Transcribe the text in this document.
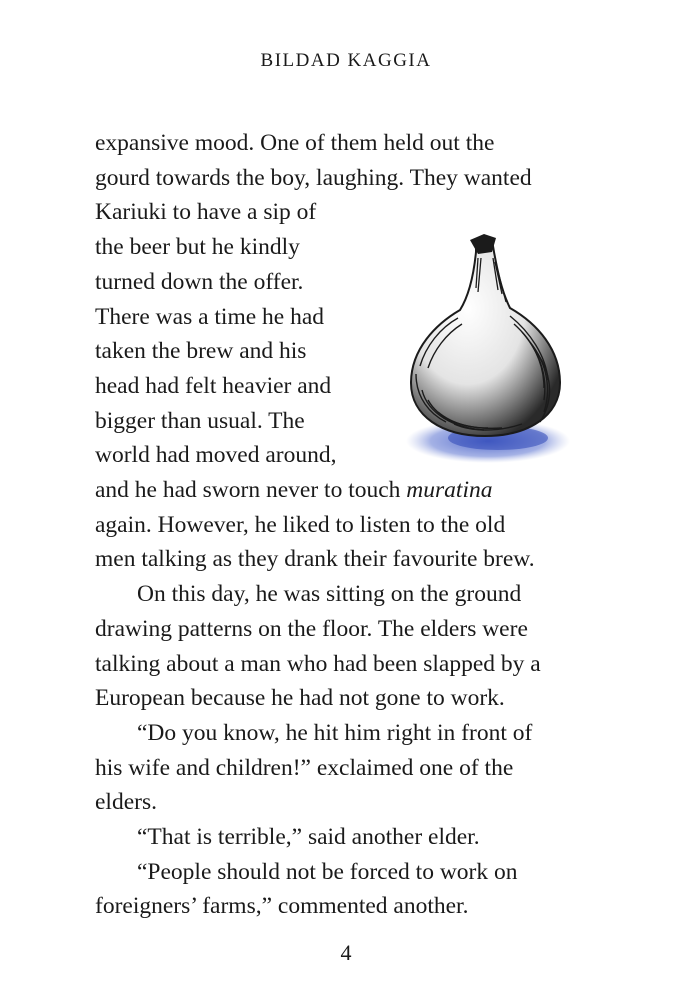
BILDAD KAGGIA
expansive mood. One of them held out the
gourd towards the boy, laughing. They wanted
Kariuki to have a sip of
the beer but he kindly
turned down the offer.
There was a time he had
taken the brew and his
head had felt heavier and
bigger than usual. The
world had moved around,
and he had sworn never to touch muratina
again. However, he liked to listen to the old
men talking as they drank their favourite brew.
On this day, he was sitting on the ground
drawing patterns on the floor. The elders were
talking about a man who had been slapped by a
European because he had not gone to work.
“Do you know, he hit him right in front of
his wife and children!” exclaimed one of the
elders.
“That is terrible,” said another elder.
“People should not be forced to work on
foreigners’ farms,” commented another.
4
